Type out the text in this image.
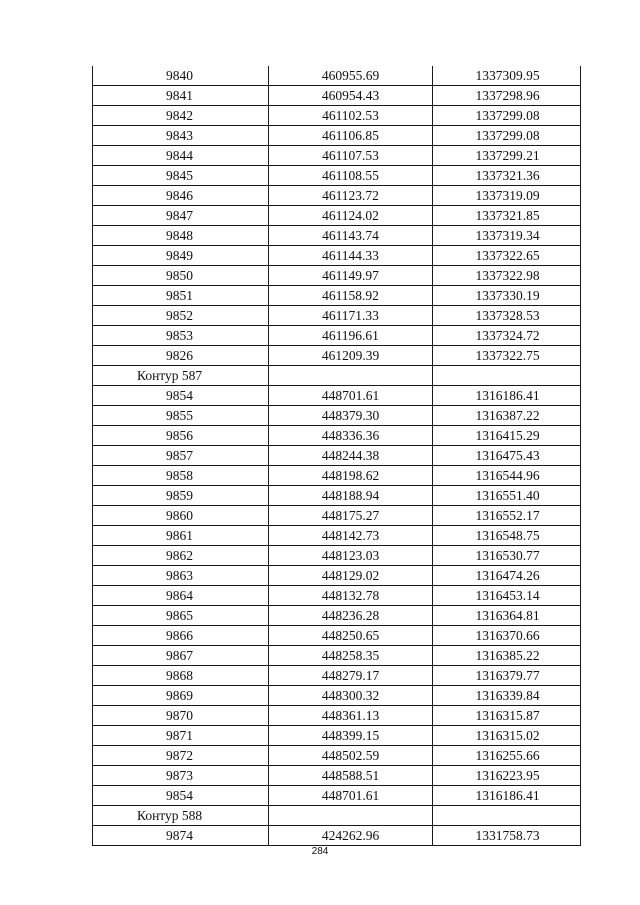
9840	460955.69	1337309.95
9841	460954.43	1337298.96
9842	461102.53	1337299.08
9843	461106.85	1337299.08
9844	461107.53	1337299.21
9845	461108.55	1337321.36
9846	461123.72	1337319.09
9847	461124.02	1337321.85
9848	461143.74	1337319.34
9849	461144.33	1337322.65
9850	461149.97	1337322.98
9851	461158.92	1337330.19
9852	461171.33	1337328.53
9853	461196.61	1337324.72
9826	461209.39	1337322.75
Контур 587		
9854	448701.61	1316186.41
9855	448379.30	1316387.22
9856	448336.36	1316415.29
9857	448244.38	1316475.43
9858	448198.62	1316544.96
9859	448188.94	1316551.40
9860	448175.27	1316552.17
9861	448142.73	1316548.75
9862	448123.03	1316530.77
9863	448129.02	1316474.26
9864	448132.78	1316453.14
9865	448236.28	1316364.81
9866	448250.65	1316370.66
9867	448258.35	1316385.22
9868	448279.17	1316379.77
9869	448300.32	1316339.84
9870	448361.13	1316315.87
9871	448399.15	1316315.02
9872	448502.59	1316255.66
9873	448588.51	1316223.95
9854	448701.61	1316186.41
Контур 588		
9874	424262.96	1331758.73
284
